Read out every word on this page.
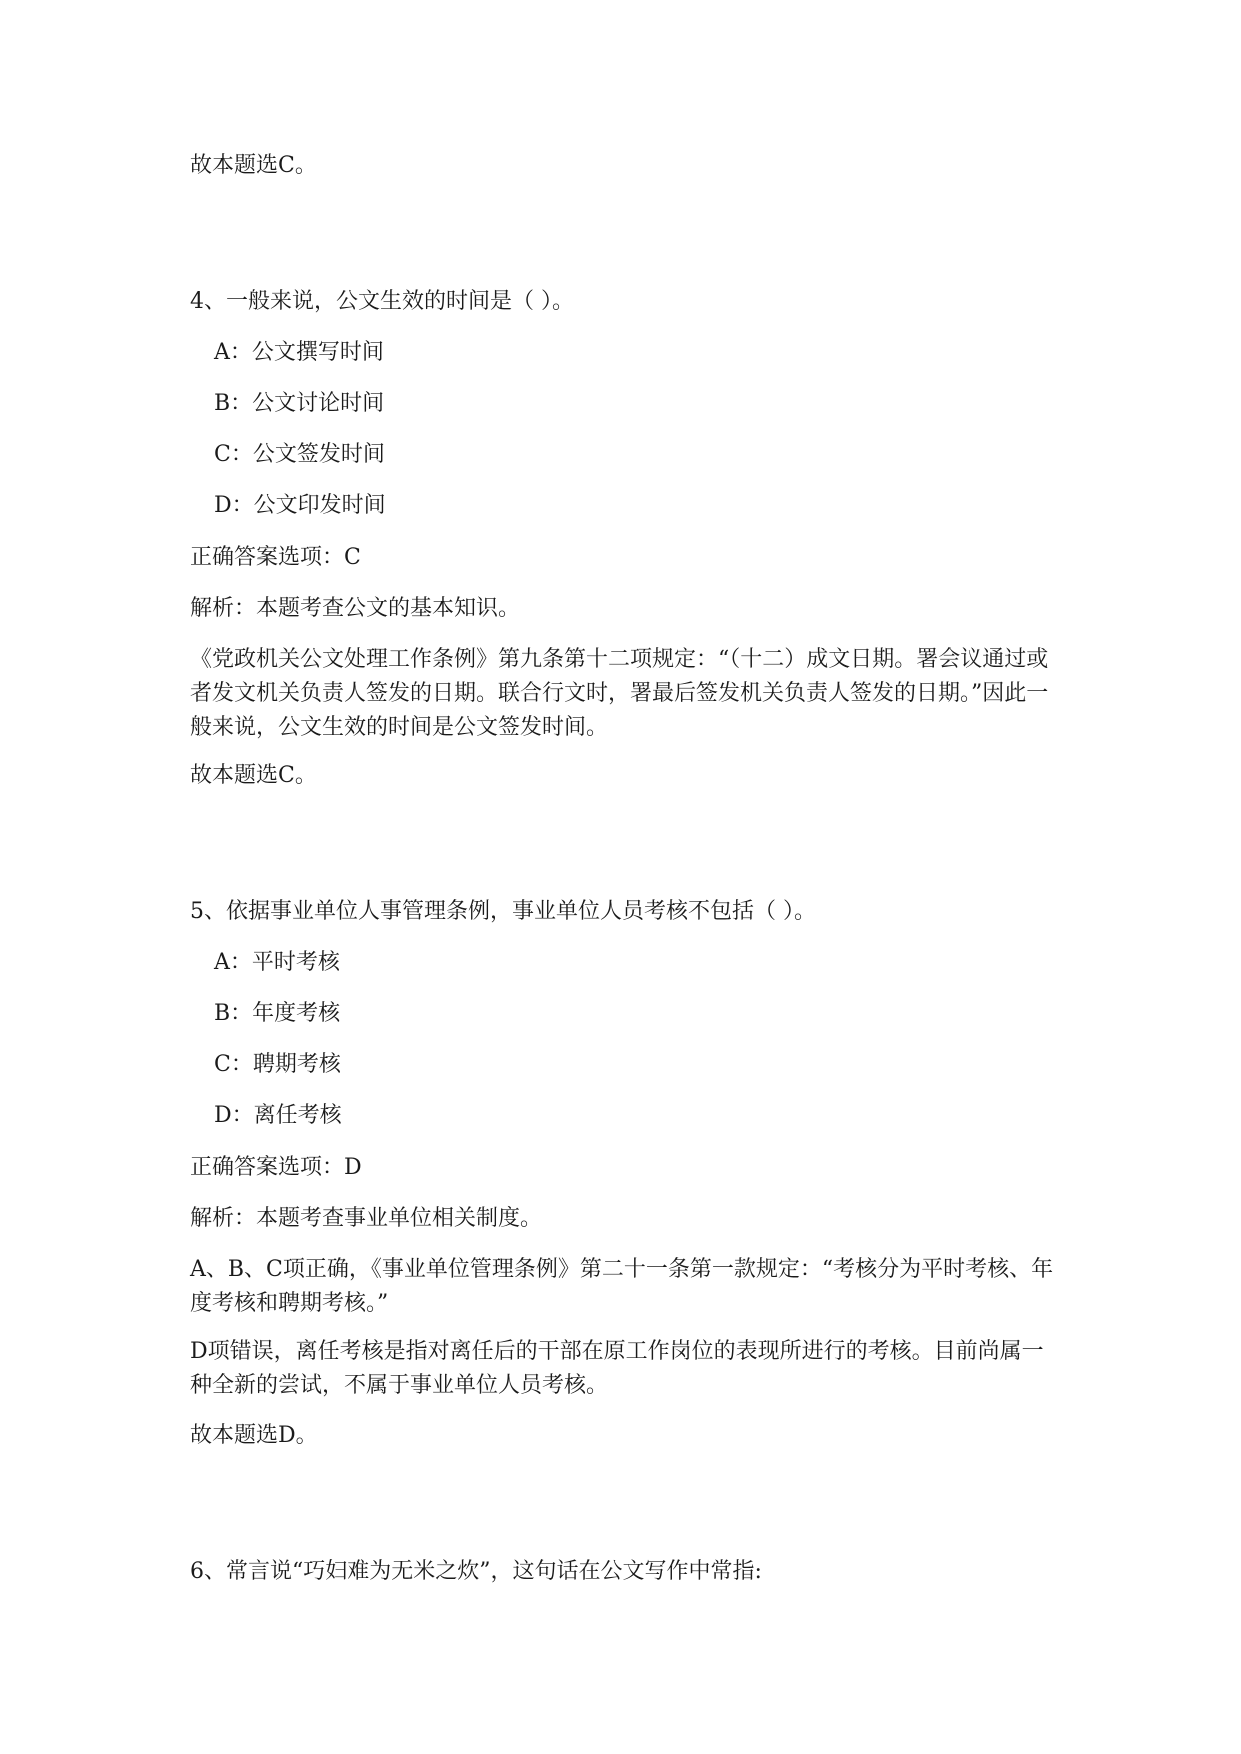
故本题选C。
4、一般来说，公文生效的时间是（ ）。
A：公文撰写时间
B：公文讨论时间
C：公文签发时间
D：公文印发时间
正确答案选项：C
解析：本题考查公文的基本知识。
《党政机关公文处理工作条例》第九条第十二项规定：“（十二）成文日期。署会议通过或者发文机关负责人签发的日期。联合行文时，署最后签发机关负责人签发的日期。”因此一般来说，公文生效的时间是公文签发时间。
故本题选C。
5、依据事业单位人事管理条例，事业单位人员考核不包括（ ）。
A：平时考核
B：年度考核
C：聘期考核
D：离任考核
正确答案选项：D
解析：本题考查事业单位相关制度。
A、B、C项正确，《事业单位管理条例》第二十一条第一款规定：“考核分为平时考核、年度考核和聘期考核。”
D项错误，离任考核是指对离任后的干部在原工作岗位的表现所进行的考核。目前尚属一种全新的尝试，不属于事业单位人员考核。
故本题选D。
6、常言说“巧妇难为无米之炊”，这句话在公文写作中常指:
